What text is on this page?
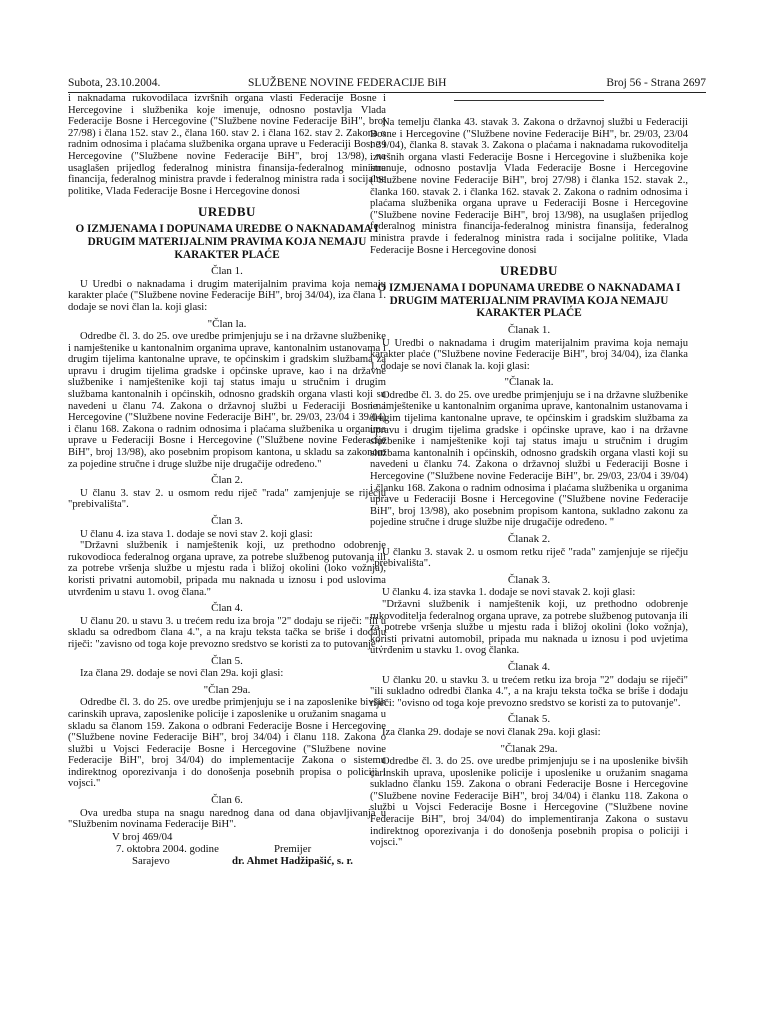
Subota, 23.10.2004.	SLUŽBENE NOVINE FEDERACIJE BiH	Broj 56 - Strana 2697

i naknadama rukovodilaca izvršnih organa vlasti Federacije Bosne i Hercegovine i službenika koje imenuje, odnosno postavlja Vlada Federacije Bosne i Hercegovine ("Službene novine Federacije BiH", broj 27/98) i člana 152. stav 2., člana 160. stav 2. i člana 162. stav 2. Zakona o radnim odnosima i plaćama službenika organa uprave u Federaciji Bosne i Hercegovine ("Službene novine Federacije BiH", broj 13/98), na usaglašen prijedlog federalnog ministra finansija-federalnog ministra financija, federalnog ministra pravde i federalnog ministra rada i socijalne politike, Vlada Federacije Bosne i Hercegovine donosi

UREDBU
O IZMJENAMA I DOPUNAMA UREDBE O NAKNADAMA I DRUGIM MATERIJALNIM PRAVIMA KOJA NEMAJU KARAKTER PLAĆE
Član 1.

U Uredbi o naknadama i drugim materijalnim pravima koja nemaju karakter plaće ("Službene novine Federacije BiH", broj 34/04), iza člana 1. dodaje se novi član la. koji glasi:

"Član la.

Odredbe čl. 3. do 25. ove uredbe primjenjuju se i na državne službenike i namještenike u kantonalnim organima uprave, kantonalnim ustanovama i drugim tijelima kantonalne uprave, te općinskim i gradskim službama za upravu i drugim tijelima gradske i općinske uprave, kao i na državne službenike i namještenike koji taj status imaju u stručnim i drugim službama kantonalnih i općinskih, odnosno gradskih organa vlasti koji su navedeni u članu 74. Zakona o državnoj službi u Federaciji Bosne i Hercegovine ("Službene novine Federacije BiH", br. 29/03, 23/04 i 39/04) i članu 168. Zakona o radnim odnosima i plaćama službenika u organima uprave u Federaciji Bosne i Hercegovine ("Službene novine Federacije BiH", broj 13/98), ako posebnim propisom kantona, u skladu sa zakonom za pojedine stručne i druge službe nije drugačije određeno."

Član 2.

U članu 3. stav 2. u osmom redu riječ "rada" zamjenjuje se riječju "prebivališta".

Član 3.

U članu 4. iza stava 1. dodaje se novi stav 2. koji glasi:

"Državni službenik i namještenik koji, uz prethodno odobrenje rukovodioca federalnog organa uprave, za potrebe službenog putovanja ili za potrebe vršenja službe u mjestu rada i bližoj okolini (loko vožnja), koristi privatni automobil, pripada mu naknada u iznosu i pod uslovima utvrđenim u stavu 1. ovog člana."

Član 4.

U članu 20. u stavu 3. u trećem redu iza broja "2" dodaju se riječi: "ili u skladu sa odredbom člana 4.", a na kraju teksta tačka se briše i dodaju riječi: "zavisno od toga koje prevozno sredstvo se koristi za to putovanje".

Član 5.

Iza člana 29. dodaje se novi član 29a. koji glasi:

"Član 29a.

Odredbe čl. 3. do 25. ove uredbe primjenjuju se i na zaposlenike bivših carinskih uprava, zaposlenike policije i zaposlenike u oružanim snagama u skladu sa članom 159. Zakona o odbrani Federacije Bosne i Hercegovine ("Službene novine Federacije BiH", broj 34/04) i članu 118. Zakona o službi u Vojsci Federacije Bosne i Hercegovine ("Službene novine Federacije BiH", broj 34/04) do implementacije Zakona o sistemu indirektnog oporezivanja i do donošenja posebnih propisa o policiji i vojsci."

Član 6.

Ova uredba stupa na snagu narednog dana od dana objavljivanja u "Službenim novinama Federacije BiH".

V broj 469/04
7. oktobra 2004. godine
Sarajevo
Premijer
dr. Ahmet Hadžipašić, s. r.

Na temelju članka 43. stavak 3. Zakona o državnoj službi u Federaciji Bosne i Hercegovine ("Službene novine Federacije BiH", br. 29/03, 23/04 i 39/04), članka 8. stavak 3. Zakona o plaćama i naknadama rukovoditelja izvršnih organa vlasti Federacije Bosne i Hercegovine i službenika koje imenuje, odnosno postavlja Vlada Federacije Bosne i Hercegovine ("Službene novine Federacije BiH", broj 27/98) i članka 152. stavak 2., članka 160. stavak 2. i članka 162. stavak 2. Zakona o radnim odnosima i plaćama službenika organa uprave u Federaciji Bosne i Hercegovine ("Službene novine Federacije BiH", broj 13/98), na usuglašen prijedlog federalnog ministra financija-federalnog ministra finansija, federalnog ministra pravde i federalnog ministra rada i socijalne politike, Vlada Federacije Bosne i Hercegovine donosi

UREDBU
O IZMJENAMA I DOPUNAMA UREDBE O NAKNADAMA I DRUGIM MATERIJALNIM PRAVIMA KOJA NEMAJU KARAKTER PLAĆE
Članak 1.

U Uredbi o naknadama i drugim materijalnim pravima koja nemaju karakter plaće ("Službene novine Federacije BiH", broj 34/04), iza članka 1. dodaje se novi članak la. koji glasi:

"Članak la.

Odredbe čl. 3. do 25. ove uredbe primjenjuju se i na državne službenike i namještenike u kantonalnim organima uprave, kantonalnim ustanovama i drugim tijelima kantonalne uprave, te općinskim i gradskim službama za upravu i drugim tijelima gradske i općinske uprave, kao i na državne službenike i namještenike koji taj status imaju u stručnim i drugim službama kantonalnih i općinskih, odnosno gradskih organa vlasti koji su navedeni u članku 74. Zakona o državnoj službi u Federaciji Bosne i Hercegovine ("Službene novine Federacije BiH", br. 29/03, 23/04 i 39/04) i članku 168. Zakona o radnim odnosima i plaćama službenika u organima uprave u Federaciji Bosne i Hercegovine ("Službene novine Federacije BiH", broj 13/98), ako posebnim propisom kantona, sukladno zakonu za pojedine stručne i druge službe nije drugačije određeno. "

Članak 2.

U članku 3. stavak 2. u osmom retku riječ "rada" zamjenjuje se riječju "prebivališta".

Članak 3.

U članku 4. iza stavka 1. dodaje se novi stavak 2. koji glasi:

"Državni službenik i namještenik koji, uz prethodno odobrenje rukovoditelja federalnog organa uprave, za potrebe službenog putovanja ili za potrebe vršenja službe u mjestu rada i bližoj okolini (loko vožnja), koristi privatni automobil, pripada mu naknada u iznosu i pod uvjetima utvrđenim u stavku 1. ovog članka.

Članak 4.

U članku 20. u stavku 3. u trećem retku iza broja "2" dodaju se riječi" "ili sukladno odredbi članka 4.", a na kraju teksta točka se briše i dodaju riječi: "ovisno od toga koje prevozno sredstvo se koristi za to putovanje".

Članak 5.

Iza članka 29. dodaje se novi članak 29a. koji glasi:

"Članak 29a.

Odredbe čl. 3. do 25. ove uredbe primjenjuju se i na uposlenike bivših carinskih uprava, uposlenike policije i uposlenike u oružanim snagama sukladno članku 159. Zakona o obrani Federacije Bosne i Hercegovine ("Službene novine Federacije BiH", broj 34/04) i članku 118. Zakona o službi u Vojsci Federacije Bosne i Hercegovine ("Službene novine Federacije BiH", broj 34/04) do implementiranja Zakona o sustavu indirektnog oporezivanja i do donošenja posebnih propisa o policiji i vojsci."
